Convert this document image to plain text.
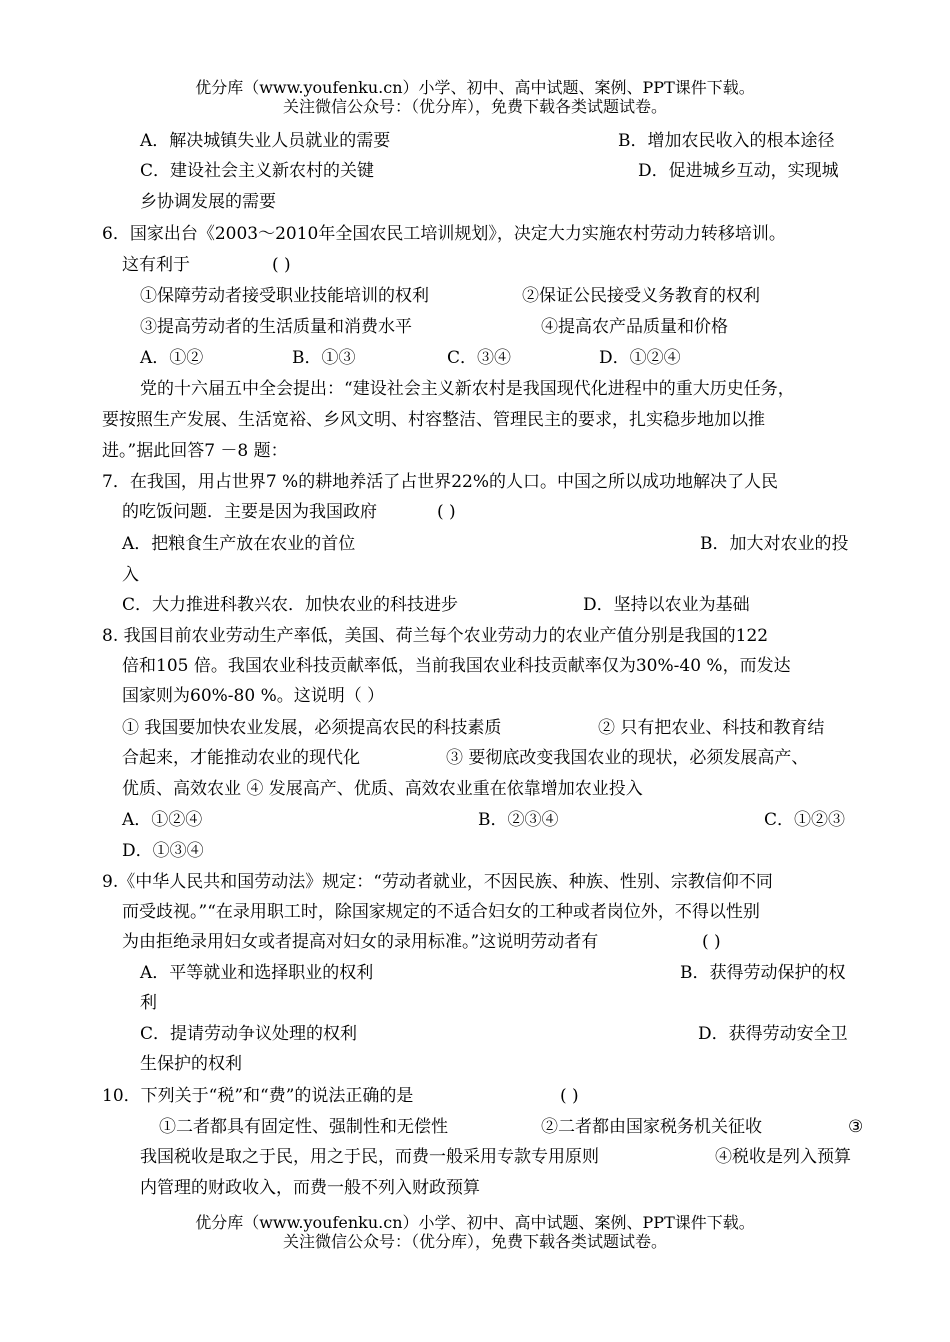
优分库（www.youfenku.cn）小学、初中、高中试题、案例、PPT课件下载。
关注微信公众号：（优分库），免费下载各类试题试卷。
A．解决城镇失业人员就业的需要	B．增加农民收入的根本途径
C．建设社会主义新农村的关键	D．促进城乡互动，实现城
乡协调发展的需要
6．国家出台《2003～2010年全国农民工培训规划》，决定大力实施农村劳动力转移培训。
这有利于	( )
①保障劳动者接受职业技能培训的权利	②保证公民接受义务教育的权利
③提高劳动者的生活质量和消费水平	④提高农产品质量和价格
A．①②	B．①③	C．③④	D．①②④
党的十六届五中全会提出：“建设社会主义新农村是我国现代化进程中的重大历史任务，
要按照生产发展、生活宽裕、乡风文明、村容整洁、管理民主的要求，扎实稳步地加以推
进。”据此回答7 －8 题：
7．在我国，用占世界7 %的耕地养活了占世界22%的人口。中国之所以成功地解决了人民
的吃饭问题．主要是因为我国政府	( )
A．把粮食生产放在农业的首位	B．加大对农业的投
入
C．大力推进科教兴农．加快农业的科技进步	D．坚持以农业为基础
8. 我国目前农业劳动生产率低，美国、荷兰每个农业劳动力的农业产值分别是我国的122
倍和105 倍。我国农业科技贡献率低，当前我国农业科技贡献率仅为30%-40 %，而发达
国家则为60%-80 %。这说明（ ）
① 我国要加快农业发展，必须提高农民的科技素质	② 只有把农业、科技和教育结
合起来，才能推动农业的现代化	③ 要彻底改变我国农业的现状，必须发展高产、
优质、高效农业 ④ 发展高产、优质、高效农业重在依靠增加农业投入
A．①②④	B．②③④	C．①②③
D．①③④
9.《中华人民共和国劳动法》规定：“劳动者就业，不因民族、种族、性别、宗教信仰不同
而受歧视。”“在录用职工时，除国家规定的不适合妇女的工种或者岗位外，不得以性别
为由拒绝录用妇女或者提高对妇女的录用标准。”这说明劳动者有	( )
A．平等就业和选择职业的权利	B．获得劳动保护的权
利
C．提请劳动争议处理的权利	D．获得劳动安全卫
生保护的权利
10．下列关于“税”和“费”的说法正确的是	( )
①二者都具有固定性、强制性和无偿性	②二者都由国家税务机关征收	③
我国税收是取之于民，用之于民，而费一般采用专款专用原则	④税收是列入预算
内管理的财政收入，而费一般不列入财政预算
优分库（www.youfenku.cn）小学、初中、高中试题、案例、PPT课件下载。
关注微信公众号：（优分库），免费下载各类试题试卷。
